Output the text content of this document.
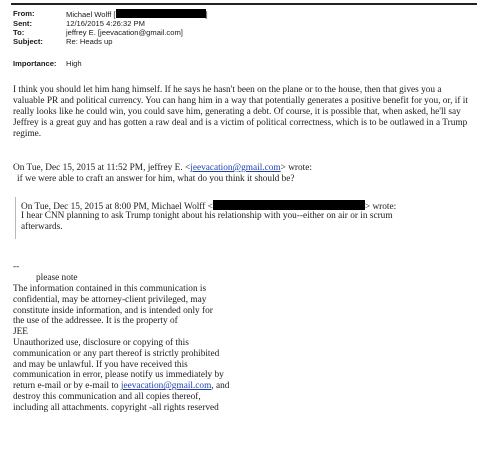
From:	Michael Wolff [	]
Sent:	12/16/2015 4:26:32 PM
To:	jeffrey E. [jeevacation@gmail.com]
Subject:	Re: Heads up
Importance: High

I think you should let him hang himself. If he says he hasn't been on the plane or to the house, then that gives you a valuable PR and political currency. You can hang him in a way that potentially generates a positive benefit for you, or, if it really looks like he could win, you could save him, generating a debt. Of course, it is possible that, when asked, he'll say Jeffrey is a great guy and has gotten a raw deal and is a victim of political correctness, which is to be outlawed in a Trump regime.

On Tue, Dec 15, 2015 at 11:52 PM, jeffrey E. <jeevacation@gmail.com> wrote:
if we were able to craft an answer for him, what do you think it should be?
On Tue, Dec 15, 2015 at 8:00 PM, Michael Wolff <	> wrote:
I hear CNN planning to ask Trump tonight about his relationship with you--either on air or in scrum
afterwards.
--
please note
The information contained in this communication is
confidential, may be attorney-client privileged, may
constitute inside information, and is intended only for
the use of the addressee. It is the property of
JEE
Unauthorized use, disclosure or copying of this
communication or any part thereof is strictly prohibited
and may be unlawful. If you have received this
communication in error, please notify us immediately by
return e-mail or by e-mail to jeevacation@gmail.com, and
destroy this communication and all copies thereof,
including all attachments. copyright -all rights reserved
